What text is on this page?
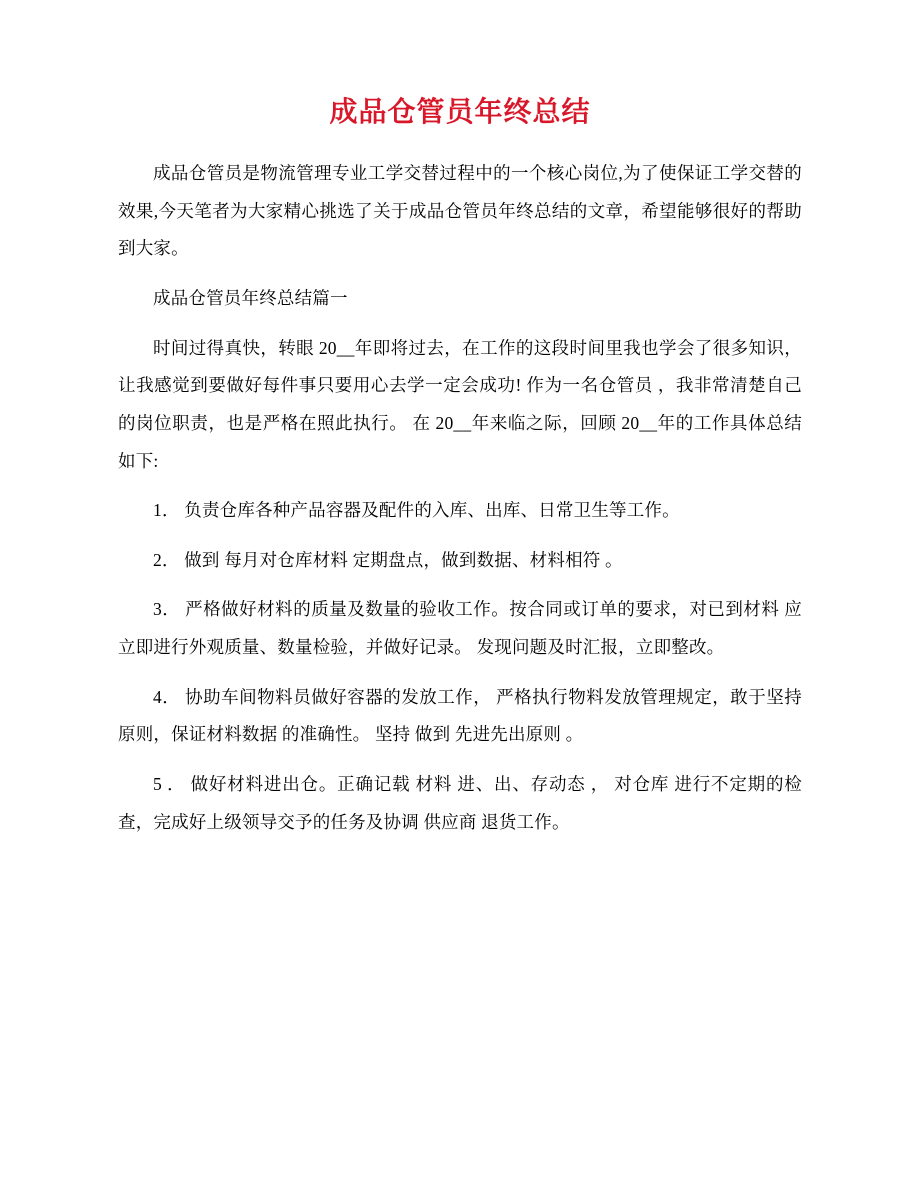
成品仓管员年终总结

成品仓管员是物流管理专业工学交替过程中的一个核心岗位,为了使保证工学交替的效果,今天笔者为大家精心挑选了关于成品仓管员年终总结的文章，希望能够很好的帮助到大家。

成品仓管员年终总结篇一

时间过得真快，转眼 20__年即将过去，在工作的这段时间里我也学会了很多知识，让我感觉到要做好每件事只要用心去学一定会成功! 作为一名仓管员 ，我非常清楚自己的岗位职责，也是严格在照此执行。 在 20__年来临之际，回顾 20__年的工作具体总结如下:

1． 负责仓库各种产品容器及配件的入库、出库、日常卫生等工作。

2． 做到 每月对仓库材料 定期盘点，做到数据、材料相符 。

3． 严格做好材料的质量及数量的验收工作。按合同或订单的要求，对已到材料 应立即进行外观质量、数量检验，并做好记录。 发现问题及时汇报，立即整改。

4． 协助车间物料员做好容器的发放工作， 严格执行物料发放管理规定，敢于坚持原则，保证材料数据 的准确性。 坚持 做到 先进先出原则 。

5 ． 做好材料进出仓。正确记载 材料 进、出、存动态 ， 对仓库 进行不定期的检查，完成好上级领导交予的任务及协调 供应商 退货工作。
